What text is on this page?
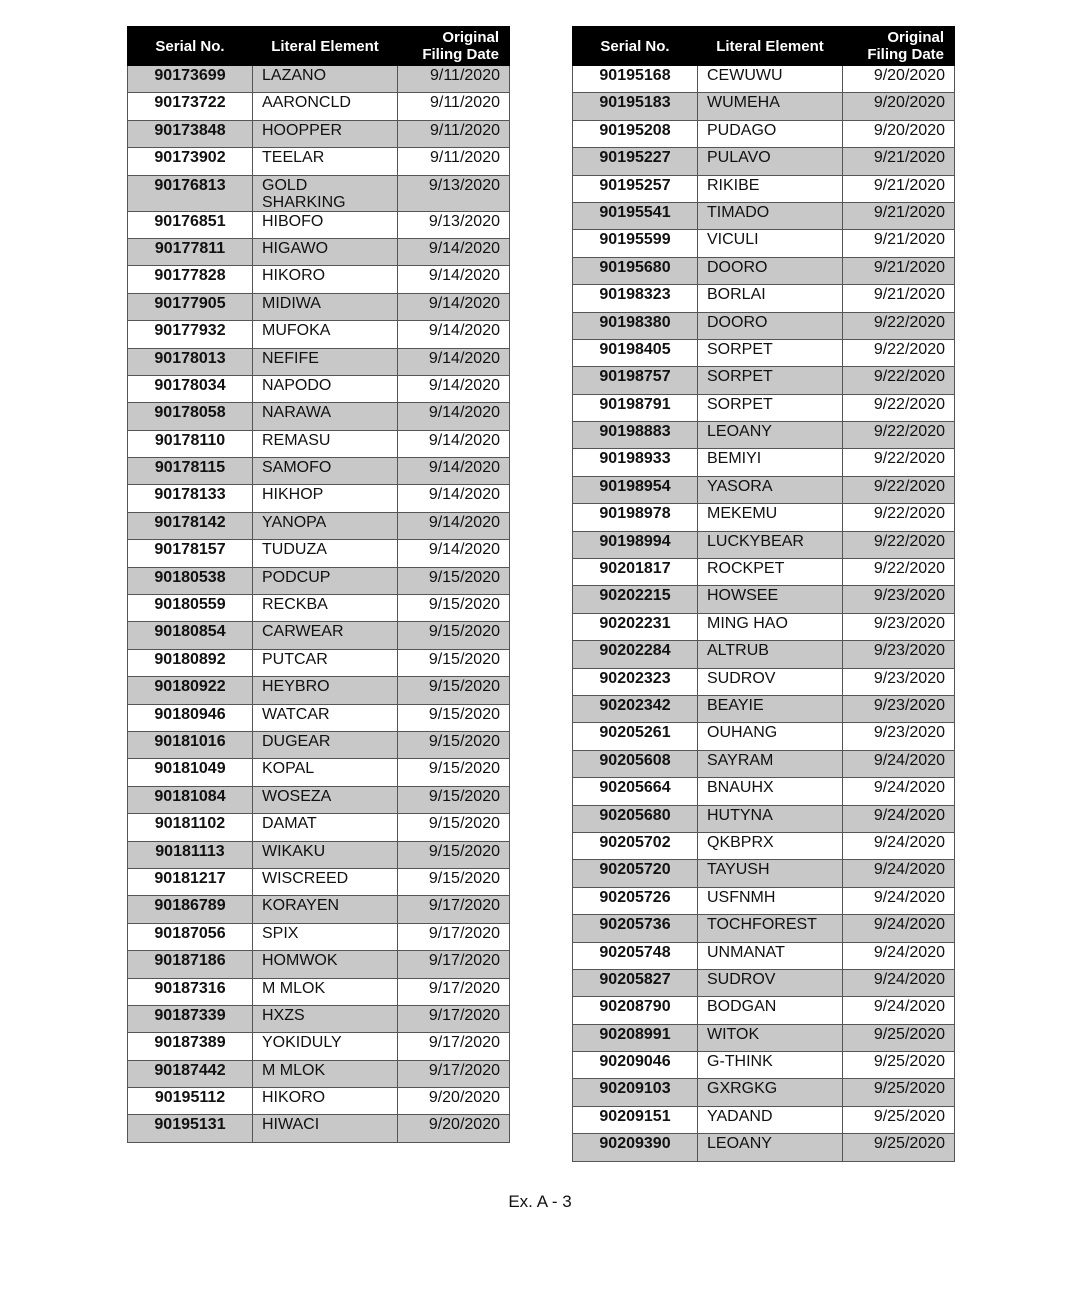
Serial No.	Literal Element	Original
Filing Date
90173699	LAZANO	9/11/2020
90173722	AARONCLD	9/11/2020
90173848	HOOPPER	9/11/2020
90173902	TEELAR	9/11/2020
90176813	GOLD SHARKING	9/13/2020
90176851	HIBOFO	9/13/2020
90177811	HIGAWO	9/14/2020
90177828	HIKORO	9/14/2020
90177905	MIDIWA	9/14/2020
90177932	MUFOKA	9/14/2020
90178013	NEFIFE	9/14/2020
90178034	NAPODO	9/14/2020
90178058	NARAWA	9/14/2020
90178110	REMASU	9/14/2020
90178115	SAMOFO	9/14/2020
90178133	HIKHOP	9/14/2020
90178142	YANOPA	9/14/2020
90178157	TUDUZA	9/14/2020
90180538	PODCUP	9/15/2020
90180559	RECKBA	9/15/2020
90180854	CARWEAR	9/15/2020
90180892	PUTCAR	9/15/2020
90180922	HEYBRO	9/15/2020
90180946	WATCAR	9/15/2020
90181016	DUGEAR	9/15/2020
90181049	KOPAL	9/15/2020
90181084	WOSEZA	9/15/2020
90181102	DAMAT	9/15/2020
90181113	WIKAKU	9/15/2020
90181217	WISCREED	9/15/2020
90186789	KORAYEN	9/17/2020
90187056	SPIX	9/17/2020
90187186	HOMWOK	9/17/2020
90187316	M MLOK	9/17/2020
90187339	HXZS	9/17/2020
90187389	YOKIDULY	9/17/2020
90187442	M MLOK	9/17/2020
90195112	HIKORO	9/20/2020
90195131	HIWACI	9/20/2020
Serial No.	Literal Element	Original
Filing Date
90195168	CEWUWU	9/20/2020
90195183	WUMEHA	9/20/2020
90195208	PUDAGO	9/20/2020
90195227	PULAVO	9/21/2020
90195257	RIKIBE	9/21/2020
90195541	TIMADO	9/21/2020
90195599	VICULI	9/21/2020
90195680	DOORO	9/21/2020
90198323	BORLAI	9/21/2020
90198380	DOORO	9/22/2020
90198405	SORPET	9/22/2020
90198757	SORPET	9/22/2020
90198791	SORPET	9/22/2020
90198883	LEOANY	9/22/2020
90198933	BEMIYI	9/22/2020
90198954	YASORA	9/22/2020
90198978	MEKEMU	9/22/2020
90198994	LUCKYBEAR	9/22/2020
90201817	ROCKPET	9/22/2020
90202215	HOWSEE	9/23/2020
90202231	MING HAO	9/23/2020
90202284	ALTRUB	9/23/2020
90202323	SUDROV	9/23/2020
90202342	BEAYIE	9/23/2020
90205261	OUHANG	9/23/2020
90205608	SAYRAM	9/24/2020
90205664	BNAUHX	9/24/2020
90205680	HUTYNA	9/24/2020
90205702	QKBPRX	9/24/2020
90205720	TAYUSH	9/24/2020
90205726	USFNMH	9/24/2020
90205736	TOCHFOREST	9/24/2020
90205748	UNMANAT	9/24/2020
90205827	SUDROV	9/24/2020
90208790	BODGAN	9/24/2020
90208991	WITOK	9/25/2020
90209046	G-THINK	9/25/2020
90209103	GXRGKG	9/25/2020
90209151	YADAND	9/25/2020
90209390	LEOANY	9/25/2020
Ex. A - 3
